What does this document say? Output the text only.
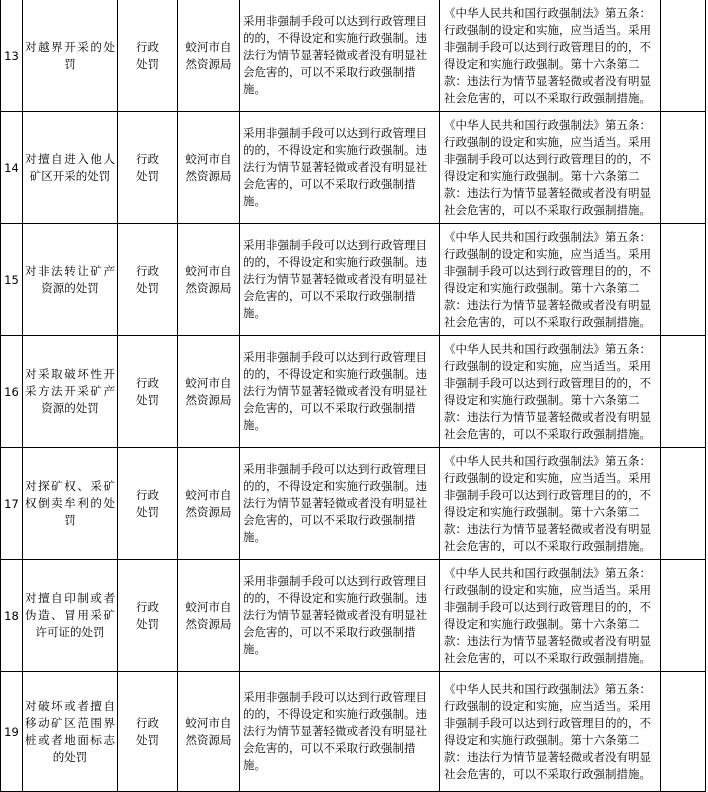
13	对越界开采的处罚	行政处罚	蛟河市自然资源局	采用非强制手段可以达到行政管理目的的，不得设定和实施行政强制。违法行为情节显著轻微或者没有明显社会危害的，可以不采取行政强制措施。	《中华人民共和国行政强制法》第五条：行政强制的设定和实施，应当适当。采用非强制手段可以达到行政管理目的的，不得设定和实施行政强制。第十六条第二款：违法行为情节显著轻微或者没有明显社会危害的，可以不采取行政强制措施。	
14	对擅自进入他人矿区开采的处罚	行政处罚	蛟河市自然资源局	采用非强制手段可以达到行政管理目的的，不得设定和实施行政强制。违法行为情节显著轻微或者没有明显社会危害的，可以不采取行政强制措施。	《中华人民共和国行政强制法》第五条：行政强制的设定和实施，应当适当。采用非强制手段可以达到行政管理目的的，不得设定和实施行政强制。第十六条第二款：违法行为情节显著轻微或者没有明显社会危害的，可以不采取行政强制措施。	
15	对非法转让矿产资源的处罚	行政处罚	蛟河市自然资源局	采用非强制手段可以达到行政管理目的的，不得设定和实施行政强制。违法行为情节显著轻微或者没有明显社会危害的，可以不采取行政强制措施。	《中华人民共和国行政强制法》第五条：行政强制的设定和实施，应当适当。采用非强制手段可以达到行政管理目的的，不得设定和实施行政强制。第十六条第二款：违法行为情节显著轻微或者没有明显社会危害的，可以不采取行政强制措施。	
16	对采取破坏性开采方法开采矿产资源的处罚	行政处罚	蛟河市自然资源局	采用非强制手段可以达到行政管理目的的，不得设定和实施行政强制。违法行为情节显著轻微或者没有明显社会危害的，可以不采取行政强制措施。	《中华人民共和国行政强制法》第五条：行政强制的设定和实施，应当适当。采用非强制手段可以达到行政管理目的的，不得设定和实施行政强制。第十六条第二款：违法行为情节显著轻微或者没有明显社会危害的，可以不采取行政强制措施。	
17	对探矿权、采矿权倒卖牟利的处罚	行政处罚	蛟河市自然资源局	采用非强制手段可以达到行政管理目的的，不得设定和实施行政强制。违法行为情节显著轻微或者没有明显社会危害的，可以不采取行政强制措施。	《中华人民共和国行政强制法》第五条：行政强制的设定和实施，应当适当。采用非强制手段可以达到行政管理目的的，不得设定和实施行政强制。第十六条第二款：违法行为情节显著轻微或者没有明显社会危害的，可以不采取行政强制措施。	
18	对擅自印制或者伪造、冒用采矿许可证的处罚	行政处罚	蛟河市自然资源局	采用非强制手段可以达到行政管理目的的，不得设定和实施行政强制。违法行为情节显著轻微或者没有明显社会危害的，可以不采取行政强制措施。	《中华人民共和国行政强制法》第五条：行政强制的设定和实施，应当适当。采用非强制手段可以达到行政管理目的的，不得设定和实施行政强制。第十六条第二款：违法行为情节显著轻微或者没有明显社会危害的，可以不采取行政强制措施。	
19	对破坏或者擅自移动矿区范围界桩或者地面标志的处罚	行政处罚	蛟河市自然资源局	采用非强制手段可以达到行政管理目的的，不得设定和实施行政强制。违法行为情节显著轻微或者没有明显社会危害的，可以不采取行政强制措施。	《中华人民共和国行政强制法》第五条：行政强制的设定和实施，应当适当。采用非强制手段可以达到行政管理目的的，不得设定和实施行政强制。第十六条第二款：违法行为情节显著轻微或者没有明显社会危害的，可以不采取行政强制措施。	
